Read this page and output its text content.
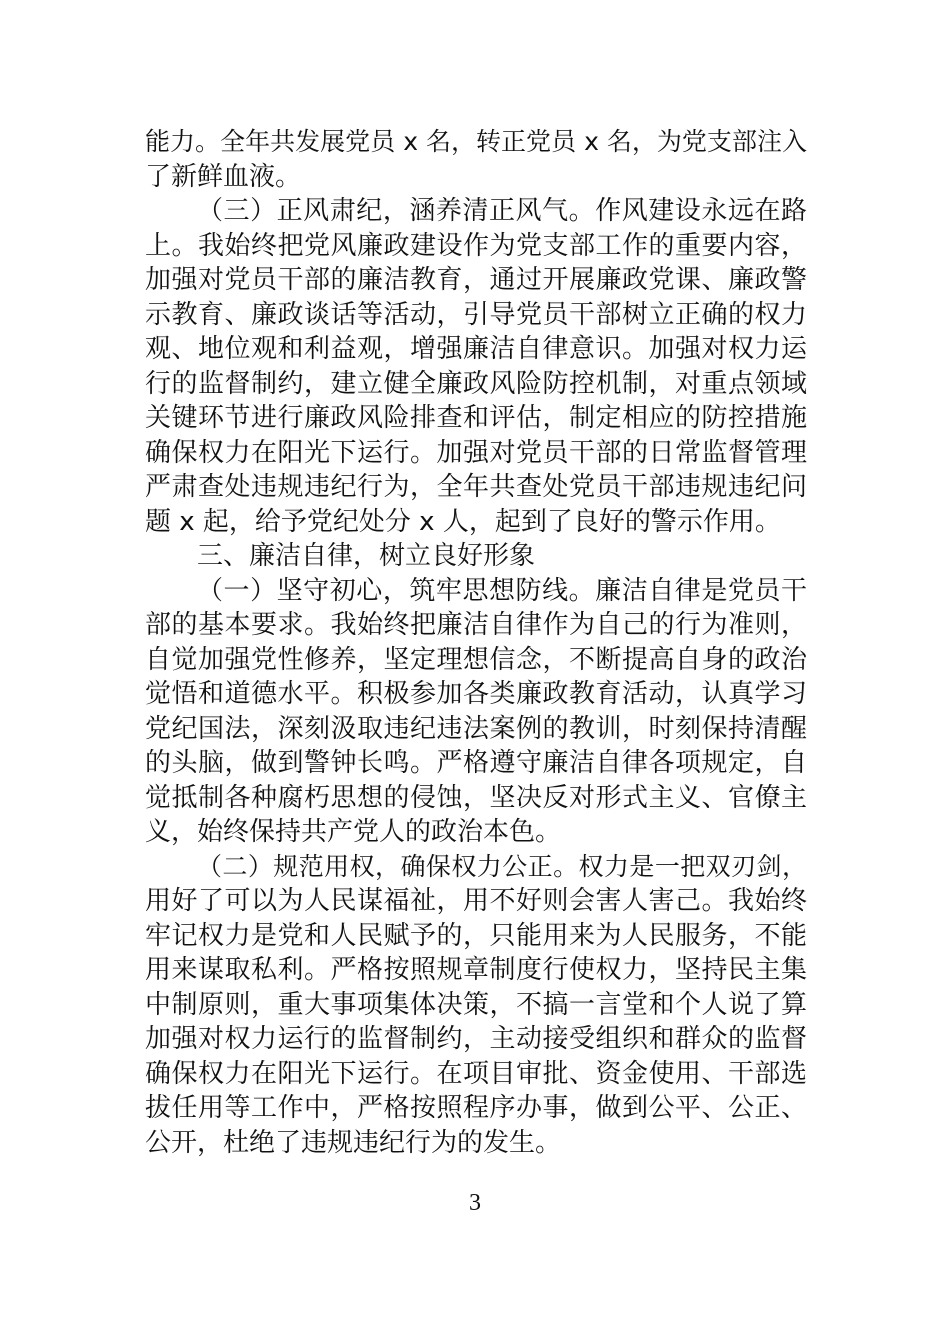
能力。全年共发展党员 x 名，转正党员 x 名，为党支部注入
了新鲜血液。
（三）正风肃纪，涵养清正风气。作风建设永远在路
上。我始终把党风廉政建设作为党支部工作的重要内容，
加强对党员干部的廉洁教育，通过开展廉政党课、廉政警
示教育、廉政谈话等活动，引导党员干部树立正确的权力
观、地位观和利益观，增强廉洁自律意识。加强对权力运
行的监督制约，建立健全廉政风险防控机制，对重点领域
关键环节进行廉政风险排查和评估，制定相应的防控措施
确保权力在阳光下运行。加强对党员干部的日常监督管理
严肃查处违规违纪行为，全年共查处党员干部违规违纪问
题 x 起，给予党纪处分 x 人，起到了良好的警示作用。
三、廉洁自律，树立良好形象
（一）坚守初心，筑牢思想防线。廉洁自律是党员干
部的基本要求。我始终把廉洁自律作为自己的行为准则，
自觉加强党性修养，坚定理想信念，不断提高自身的政治
觉悟和道德水平。积极参加各类廉政教育活动，认真学习
党纪国法，深刻汲取违纪违法案例的教训，时刻保持清醒
的头脑，做到警钟长鸣。严格遵守廉洁自律各项规定，自
觉抵制各种腐朽思想的侵蚀，坚决反对形式主义、官僚主
义，始终保持共产党人的政治本色。
（二）规范用权，确保权力公正。权力是一把双刃剑，
用好了可以为人民谋福祉，用不好则会害人害己。我始终
牢记权力是党和人民赋予的，只能用来为人民服务，不能
用来谋取私利。严格按照规章制度行使权力，坚持民主集
中制原则，重大事项集体决策，不搞一言堂和个人说了算
加强对权力运行的监督制约，主动接受组织和群众的监督
确保权力在阳光下运行。在项目审批、资金使用、干部选
拔任用等工作中，严格按照程序办事，做到公平、公正、
公开，杜绝了违规违纪行为的发生。
3
